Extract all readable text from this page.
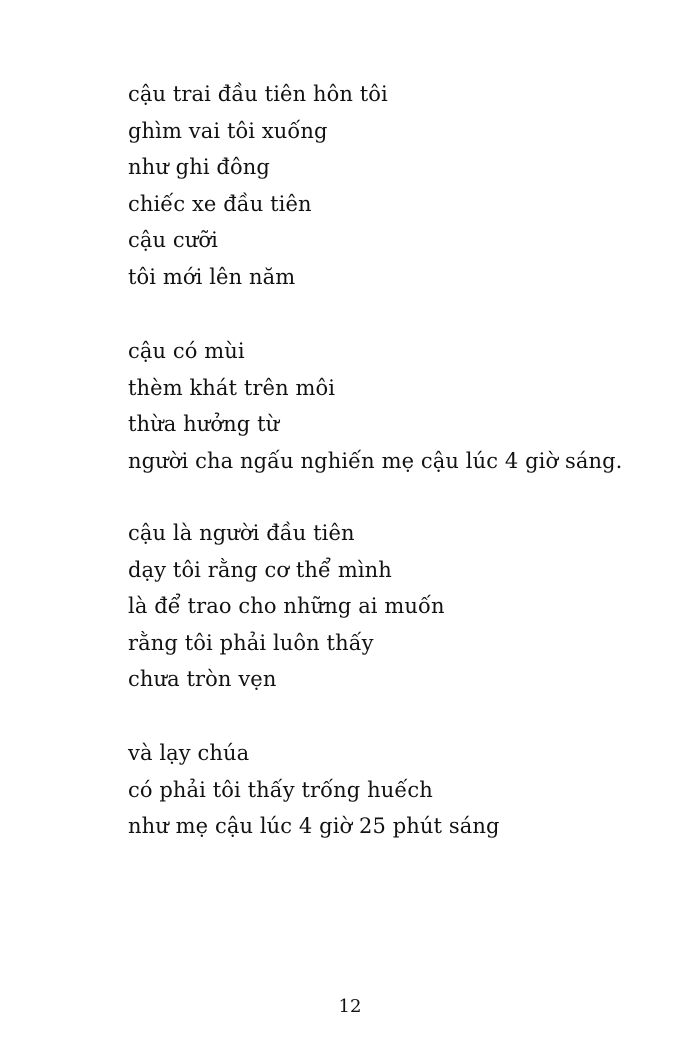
cậu trai đầu tiên hôn tôi
ghìm vai tôi xuống
như ghi đông
chiếc xe đầu tiên
cậu cưỡi
tôi mới lên năm
cậu có mùi
thèm khát trên môi
thừa hưởng từ
người cha ngấu nghiến mẹ cậu lúc 4 giờ sáng.
cậu là người đầu tiên
dạy tôi rằng cơ thể mình
là để trao cho những ai muốn
rằng tôi phải luôn thấy
chưa tròn vẹn
và lạy chúa
có phải tôi thấy trống huếch
như mẹ cậu lúc 4 giờ 25 phút sáng
12
